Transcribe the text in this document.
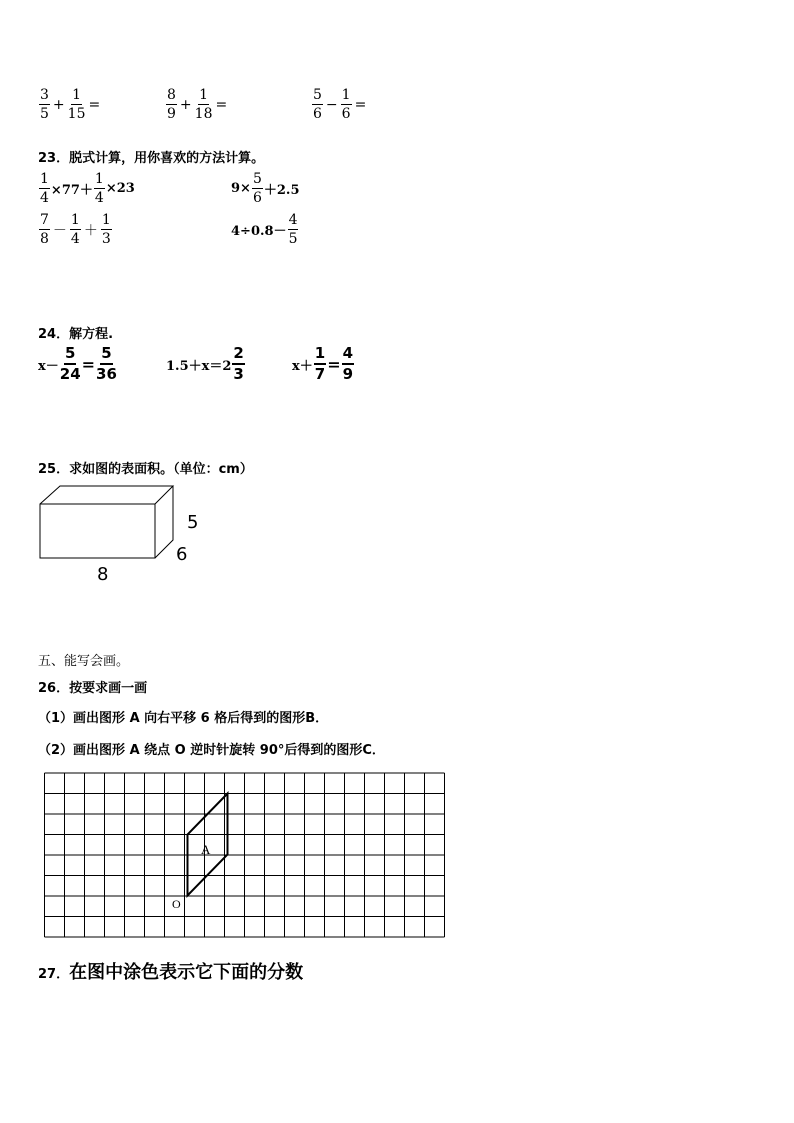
$\frac{3}{5} + \frac{1}{15}$ =	$\frac{8}{9} + \frac{1}{18}$ =	$\frac{5}{6} - \frac{1}{6}$ =
23．脱式计算，用你喜欢的方法计算。
$\frac{1}{4} \times 77+ \frac{1}{4} \times 23$	$9\times \frac{5}{6} +2.5$
$\frac{7}{8} - \frac{1}{4} + \frac{1}{3}$	$4\div 0.8- \frac{4}{5}$
24．解方程.
$x- \frac{5}{24} = \frac{5}{36}$	$1.5+x=2 \frac{2}{3}$	$x+ \frac{1}{7} = \frac{4}{9}$
25．求如图的表面积。（单位：cm）
5
6
8
五、能写会画。
26．按要求画一画
（1）画出图形 A 向右平移 6 格后得到的图形B．
（2）画出图形 A 绕点 O 逆时针旋转 90°后得到的图形C．
A
O
27．在图中涂色表示它下面的分数
